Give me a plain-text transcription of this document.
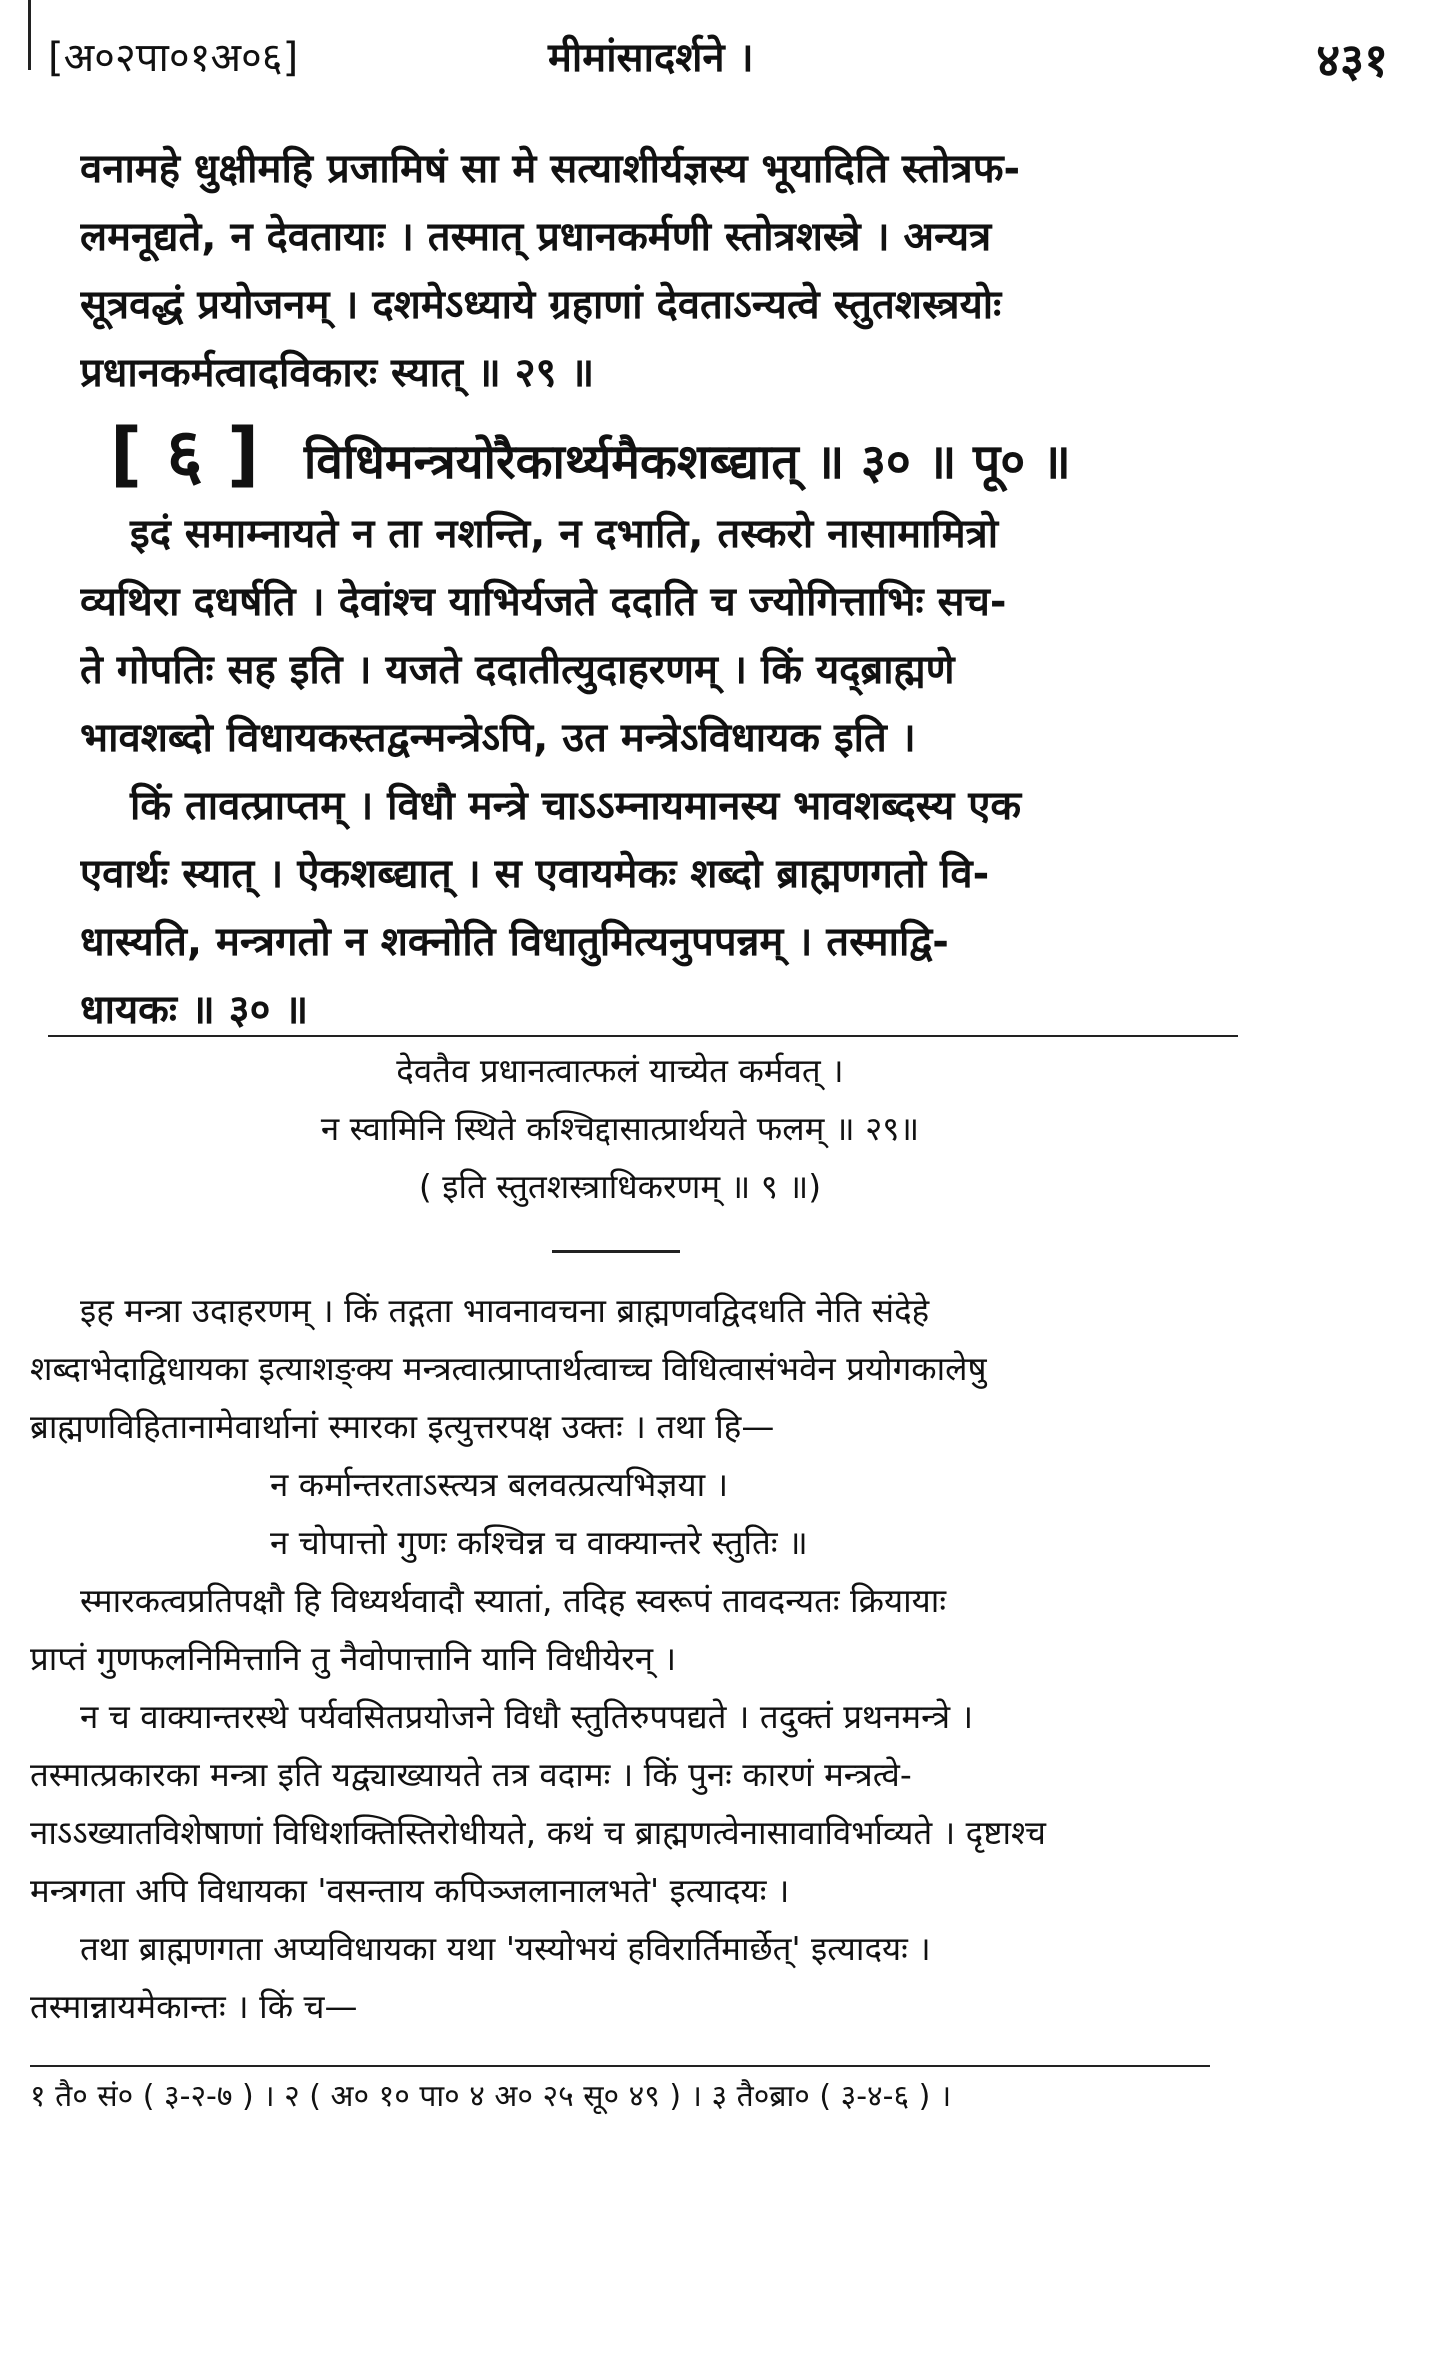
[अ०२पा०१अ०६]	मीमांसादर्शने ।	४३१
वनामहे धुक्षीमहि प्रजामिषं सा मे सत्याशीर्यज्ञस्य भूयादिति स्तोत्रफ-
लमनूद्यते, न देवतायाः । तस्मात् प्रधानकर्मणी स्तोत्रशस्त्रे । अन्यत्र
सूत्रवद्धं प्रयोजनम् । दशमेऽध्याये ग्रहाणां देवताऽन्यत्वे स्तुतशस्त्रयोः
प्रधानकर्मत्वादविकारः स्यात् ॥ २९ ॥
[ ६ ] विधिमन्त्रयोरैकार्थ्यमैकशब्द्यात् ॥ ३० ॥ पू० ॥
इदं समाम्नायते न ता नशन्ति, न दभाति, तस्करो नासामामित्रो
व्यथिरा दधर्षति । देवांश्च याभिर्यजते ददाति च ज्योगित्ताभिः सच-
ते गोपतिः सह इति । यजते ददातीत्युदाहरणम् । किं यद्ब्राह्मणे
भावशब्दो विधायकस्तद्वन्मन्त्रेऽपि, उत मन्त्रेऽविधायक इति ।
किं तावत्प्राप्तम् । विधौ मन्त्रे चाऽऽम्नायमानस्य भावशब्दस्य एक
एवार्थः स्यात् । ऐकशब्द्यात् । स एवायमेकः शब्दो ब्राह्मणगतो वि-
धास्यति, मन्त्रगतो न शक्नोति विधातुमित्यनुपपन्नम् । तस्माद्वि-
धायकः ॥ ३० ॥
देवतैव प्रधानत्वात्फलं याच्येत कर्मवत् ।
न स्वामिनि स्थिते कश्चिद्दासात्प्रार्थयते फलम् ॥ २९॥
( इति स्तुतशस्त्राधिकरणम् ॥ ९ ॥)
इह मन्त्रा उदाहरणम् । किं तद्गता भावनावचना ब्राह्मणवद्विदधति नेति संदेहे
शब्दाभेदाद्विधायका इत्याशङ्क्य मन्त्रत्वात्प्राप्तार्थत्वाच्च विधित्वासंभवेन प्रयोगकालेषु
ब्राह्मणविहितानामेवार्थानां स्मारका इत्युत्तरपक्ष उक्तः । तथा हि—
न कर्मान्तरताऽस्त्यत्र बलवत्प्रत्यभिज्ञया ।
न चोपात्तो गुणः कश्चिन्न च वाक्यान्तरे स्तुतिः ॥
स्मारकत्वप्रतिपक्षौ हि विध्यर्थवादौ स्यातां, तदिह स्वरूपं तावदन्यतः क्रियायाः
प्राप्तं गुणफलनिमित्तानि तु नैवोपात्तानि यानि विधीयेरन् ।
न च वाक्यान्तरस्थे पर्यवसितप्रयोजने विधौ स्तुतिरुपपद्यते । तदुक्तं प्रथनमन्त्रे ।
तस्मात्प्रकारका मन्त्रा इति यद्व्याख्यायते तत्र वदामः । किं पुनः कारणं मन्त्रत्वे-
नाऽऽख्यातविशेषाणां विधिशक्तिस्तिरोधीयते, कथं च ब्राह्मणत्वेनासावाविर्भाव्यते । दृष्टाश्च
मन्त्रगता अपि विधायका 'वसन्ताय कपिञ्जलानालभते' इत्यादयः ।
तथा ब्राह्मणगता अप्यविधायका यथा 'यस्योभयं हविरार्तिमार्छेत्' इत्यादयः ।
तस्मान्नायमेकान्तः । किं च—
१ तै० सं० ( ३-२-७ ) । २ ( अ० १० पा० ४ अ० २५ सू० ४९ ) । ३ तै०ब्रा० ( ३-४-६ ) ।
